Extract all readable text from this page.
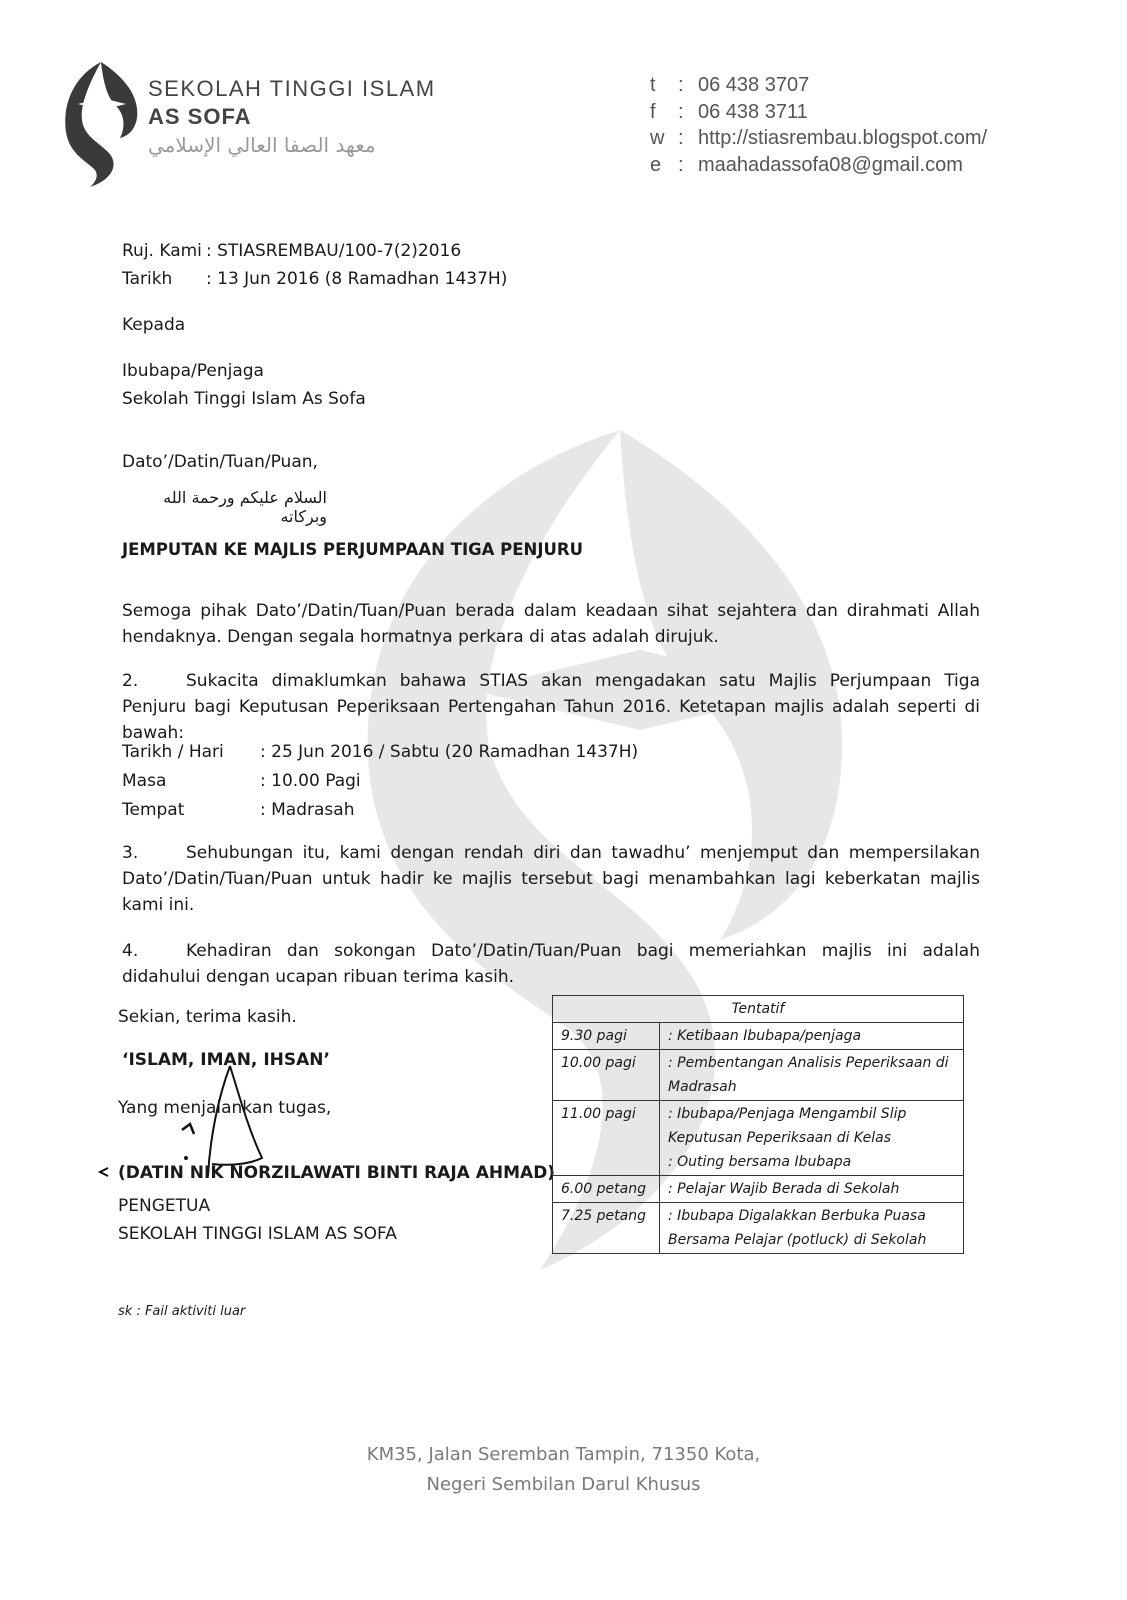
SEKOLAH TINGGI ISLAM
AS SOFA
معهد الصفا العالي الإسلامي
t : 06 438 3707
f : 06 438 3711
w : http://stiasrembau.blogspot.com/
e : maahadassofa08@gmail.com
Ruj. Kami : STIASREMBAU/100-7(2)2016
Tarikh : 13 Jun 2016 (8 Ramadhan 1437H)
Kepada
Ibubapa/Penjaga
Sekolah Tinggi Islam As Sofa
Dato’/Datin/Tuan/Puan,
السلام عليكم ورحمة الله وبركاته
JEMPUTAN KE MAJLIS PERJUMPAAN TIGA PENJURU
Semoga pihak Dato’/Datin/Tuan/Puan berada dalam keadaan sihat sejahtera dan dirahmati Allah hendaknya. Dengan segala hormatnya perkara di atas adalah dirujuk.
2.	Sukacita dimaklumkan bahawa STIAS akan mengadakan satu Majlis Perjumpaan Tiga Penjuru bagi Keputusan Peperiksaan Pertengahan Tahun 2016. Ketetapan majlis adalah seperti di bawah:
Tarikh / Hari : 25 Jun 2016 / Sabtu (20 Ramadhan 1437H)
Masa	: 10.00 Pagi
Tempat	: Madrasah
3.	Sehubungan itu, kami dengan rendah diri dan tawadhu’ menjemput dan mempersilakan Dato’/Datin/Tuan/Puan untuk hadir ke majlis tersebut bagi menambahkan lagi keberkatan majlis kami ini.
4.	Kehadiran dan sokongan Dato’/Datin/Tuan/Puan bagi memeriahkan majlis ini adalah didahului dengan ucapan ribuan terima kasih.
Sekian, terima kasih.
‘ISLAM, IMAN, IHSAN’
Yang menjalankan tugas,
(DATIN NIK NORZILAWATI BINTI RAJA AHMAD)
PENGETUA
SEKOLAH TINGGI ISLAM AS SOFA
Tentatif	
9.30 pagi	: Ketibaan Ibubapa/penjaga

10.00 pagi	: Pembentangan Analisis Peperiksaan di Madrasah

11.00 pagi	: Ibubapa/Penjaga Mengambil Slip Keputusan Peperiksaan di Kelas
: Outing bersama Ibubapa

6.00 petang	: Pelajar Wajib Berada di Sekolah

7.25 petang	: Ibubapa Digalakkan Berbuka Puasa Bersama Pelajar (potluck) di Sekolah
sk : Fail aktiviti luar
KM35, Jalan Seremban Tampin, 71350 Kota,
Negeri Sembilan Darul Khusus
